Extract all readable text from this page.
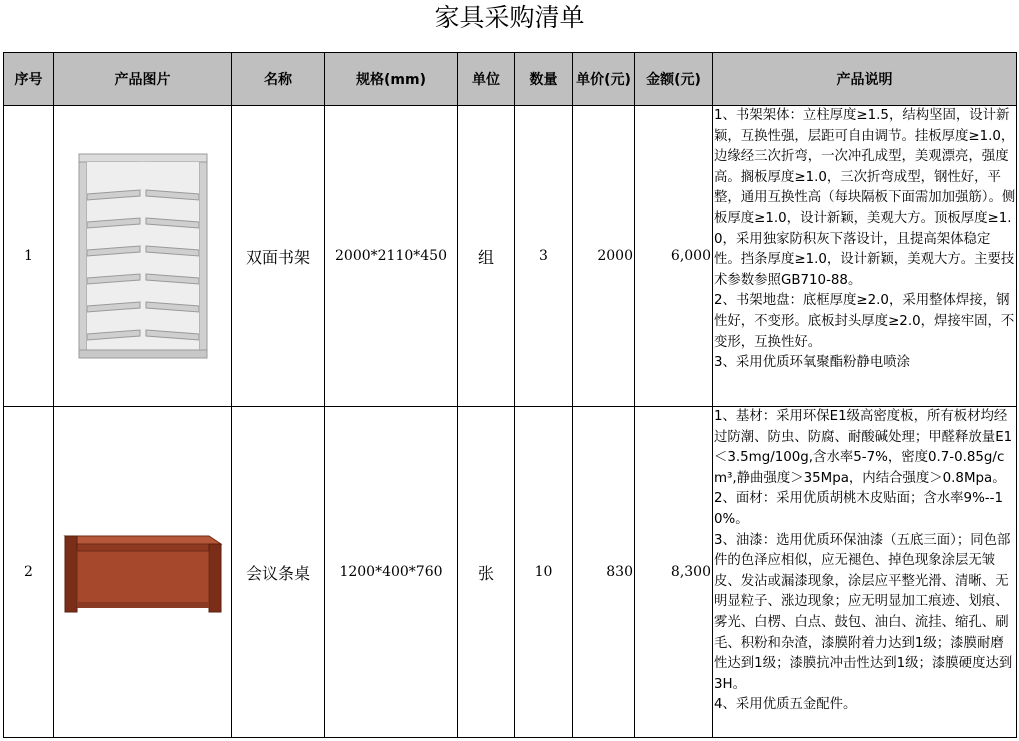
家具采购清单
序号	产品图片	名称	规格(mm)	单位	数量	单价(元)	金额(元)	产品说明
1		双面书架	2000*2110*450	组	3	2000	6,000	1、书架架体：立柱厚度≥1.5，结构坚固，设计新颖，互换性强，层距可自由调节。挂板厚度≥1.0，边缘经三次折弯，一次冲孔成型，美观漂亮，强度高。搁板厚度≥1.0，三次折弯成型，钢性好，平整，通用互换性高（每块隔板下面需加加强筋）。侧板厚度≥1.0，设计新颖，美观大方。顶板厚度≥1.0，采用独家防积灰下落设计，且提高架体稳定性。挡条厚度≥1.0，设计新颖，美观大方。主要技术参数参照GB710-88。

2、书架地盘：底框厚度≥2.0，采用整体焊接，钢性好，不变形。底板封头厚度≥2.0，焊接牢固，不变形，互换性好。

3、采用优质环氧聚酯粉静电喷涂

2		会议条桌	1200*400*760	张	10	830	8,300	1、基材：采用环保E1级高密度板，所有板材均经过防潮、防虫、防腐、耐酸碱处理；甲醛释放量E1＜3.5mg/100g,含水率5-7%，密度0.7-0.85g/cm³,静曲强度＞35Mpa，内结合强度＞0.8Mpa。

2、面材：采用优质胡桃木皮贴面；含水率9%--10%。

3、油漆：选用优质环保油漆（五底三面）；同色部件的色泽应相似，应无褪色、掉色现象涂层无皱皮、发沾或漏漆现象，涂层应平整光滑、清晰、无明显粒子、涨边现象；应无明显加工痕迹、划痕、雾光、白楞、白点、鼓包、油白、流挂、缩孔、刷毛、积粉和杂渣，漆膜附着力达到1级；漆膜耐磨性达到1级；漆膜抗冲击性达到1级；漆膜硬度达到3H。

4、采用优质五金配件。
